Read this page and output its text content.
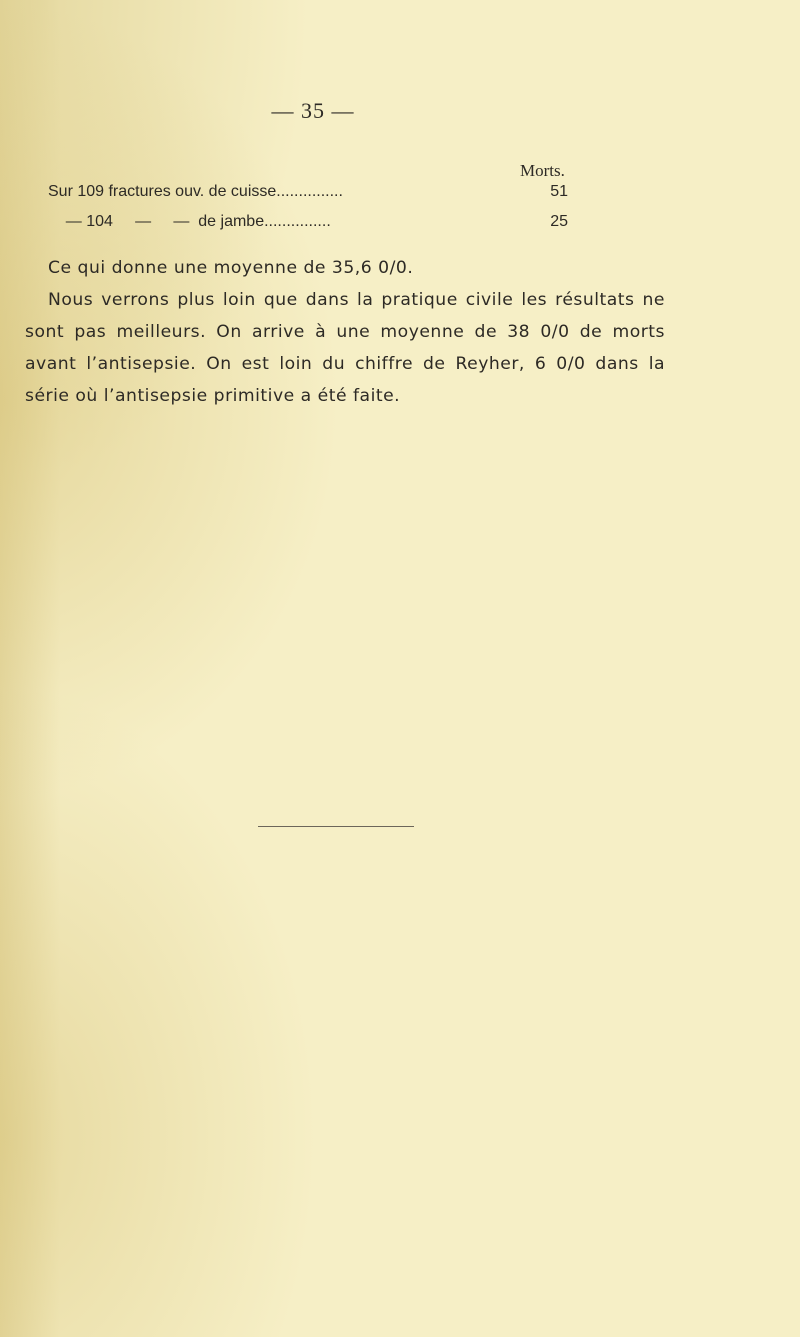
— 35 —
Morts.
Sur 109 fractures ouv. de cuisse...............	51
— 104     —     —  de jambe...............	25
Ce qui donne une moyenne de 35,6 0/0.
Nous verrons plus loin que dans la pratique civile les résultats ne sont pas meilleurs. On arrive à une moyenne de 38 0/0 de morts avant l’antisepsie. On est loin du chiffre de Reyher, 6 0/0 dans la série où l’antisepsie primitive a été faite.
